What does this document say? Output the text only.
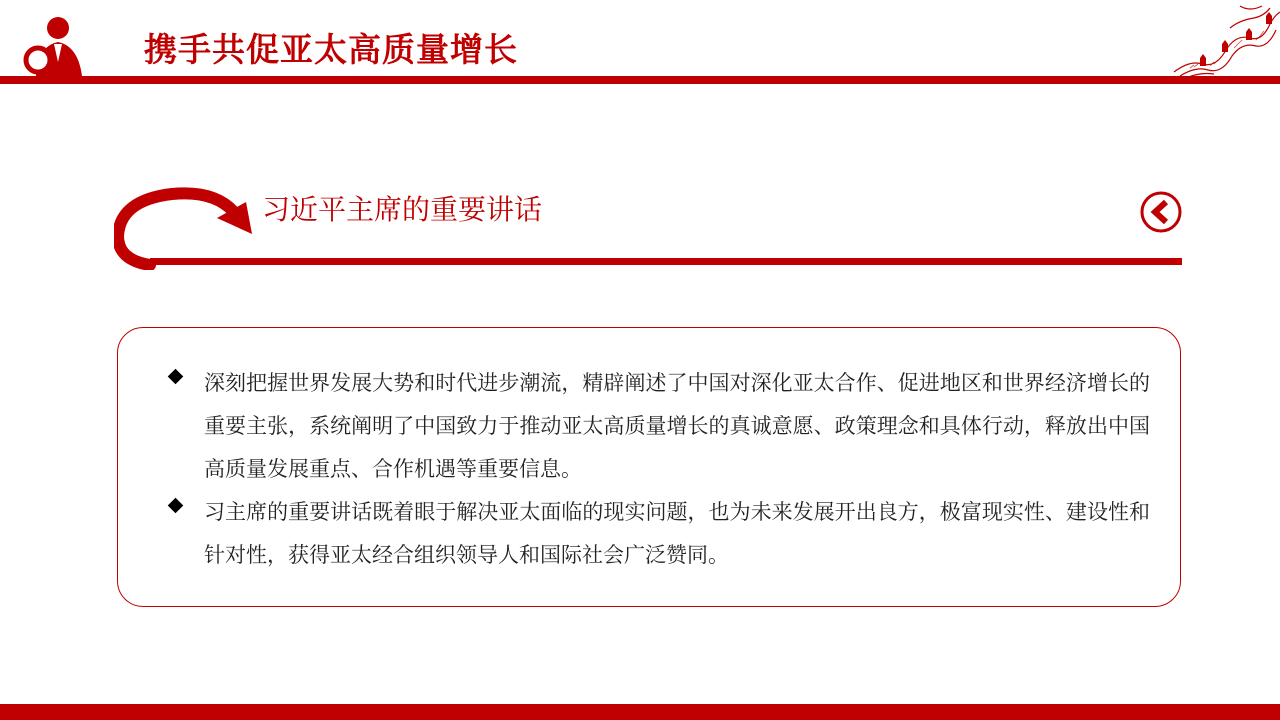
携手共促亚太高质量增长
习近平主席的重要讲话
深刻把握世界发展大势和时代进步潮流，精辟阐述了中国对深化亚太合作、促进地区和世界经济增长的重要主张，系统阐明了中国致力于推动亚太高质量增长的真诚意愿、政策理念和具体行动，释放出中国高质量发展重点、合作机遇等重要信息。
习主席的重要讲话既着眼于解决亚太面临的现实问题，也为未来发展开出良方，极富现实性、建设性和针对性，获得亚太经合组织领导人和国际社会广泛赞同。
